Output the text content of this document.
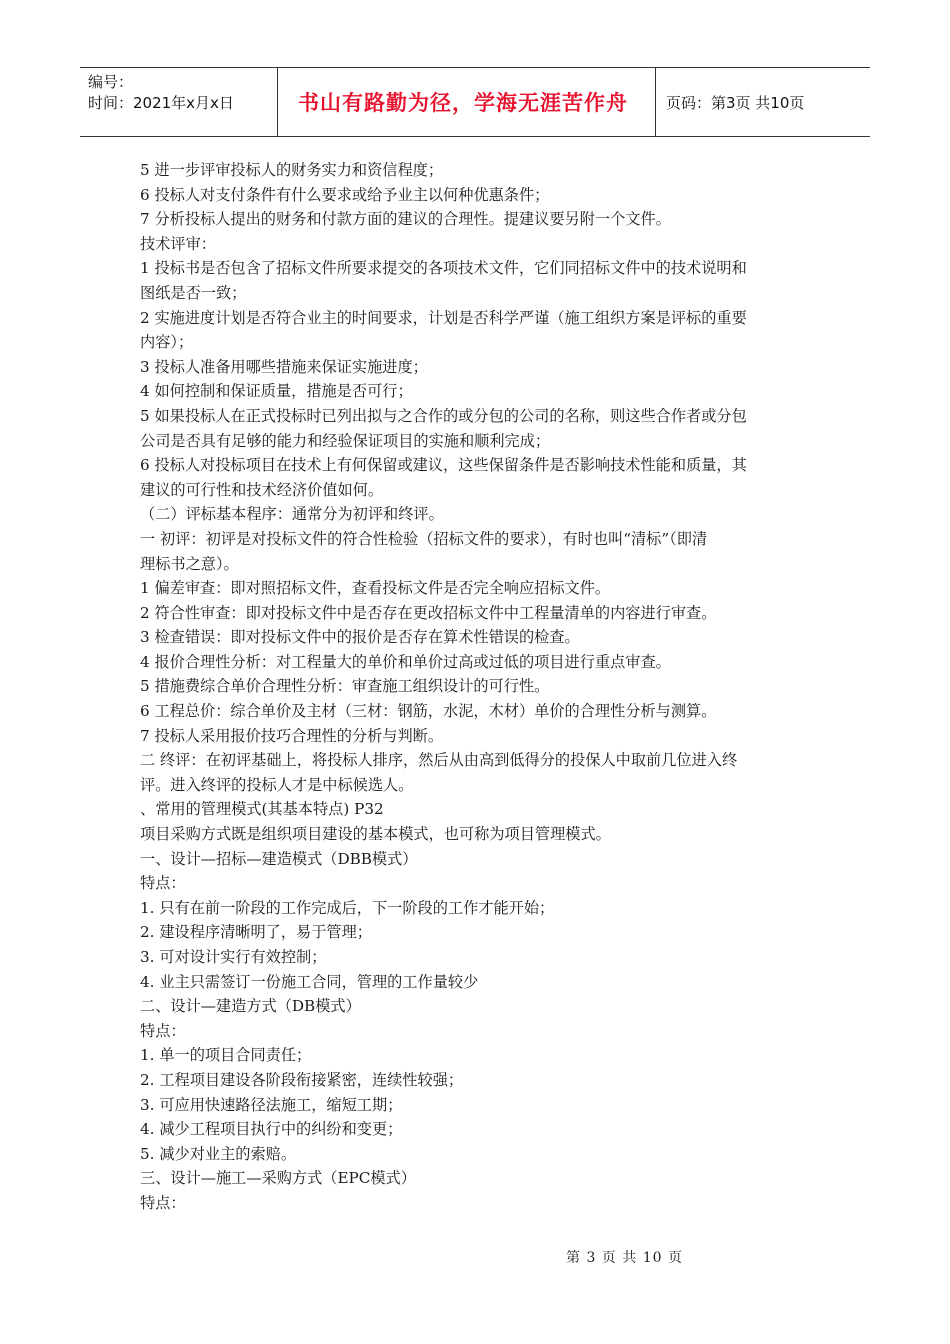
编号：
时间：2021年x月x日	书山有路勤为径，学海无涯苦作舟	页码：第3页 共10页
5 进一步评审投标人的财务实力和资信程度；
6 投标人对支付条件有什么要求或给予业主以何种优惠条件；
7 分析投标人提出的财务和付款方面的建议的合理性。提建议要另附一个文件。
技术评审：
1 投标书是否包含了招标文件所要求提交的各项技术文件，它们同招标文件中的技术说明和
图纸是否一致；
2 实施进度计划是否符合业主的时间要求，计划是否科学严谨（施工组织方案是评标的重要
内容）；
3 投标人准备用哪些措施来保证实施进度；
4 如何控制和保证质量，措施是否可行；
5 如果投标人在正式投标时已列出拟与之合作的或分包的公司的名称，则这些合作者或分包
公司是否具有足够的能力和经验保证项目的实施和顺利完成；
6 投标人对投标项目在技术上有何保留或建议，这些保留条件是否影响技术性能和质量，其
建议的可行性和技术经济价值如何。
（二）评标基本程序：通常分为初评和终评。
一 初评：初评是对投标文件的符合性检验（招标文件的要求），有时也叫“清标”（即清
理标书之意）。
1 偏差审查：即对照招标文件，查看投标文件是否完全响应招标文件。
2 符合性审查：即对投标文件中是否存在更改招标文件中工程量清单的内容进行审查。
3 检查错误：即对投标文件中的报价是否存在算术性错误的检查。
4 报价合理性分析：对工程量大的单价和单价过高或过低的项目进行重点审查。
5 措施费综合单价合理性分析：审查施工组织设计的可行性。
6 工程总价：综合单价及主材（三材：钢筋，水泥，木材）单价的合理性分析与测算。
7 投标人采用报价技巧合理性的分析与判断。
二 终评：在初评基础上，将投标人排序，然后从由高到低得分的投保人中取前几位进入终
评。进入终评的投标人才是中标候选人。
、常用的管理模式(其基本特点) P32
项目采购方式既是组织项目建设的基本模式，也可称为项目管理模式。
一、设计—招标—建造模式（DBB模式）
特点：
1. 只有在前一阶段的工作完成后，下一阶段的工作才能开始；
2. 建设程序清晰明了，易于管理；
3. 可对设计实行有效控制；
4. 业主只需签订一份施工合同，管理的工作量较少
二、设计—建造方式（DB模式）
特点：
1. 单一的项目合同责任；
2. 工程项目建设各阶段衔接紧密，连续性较强；
3. 可应用快速路径法施工，缩短工期；
4. 减少工程项目执行中的纠纷和变更；
5. 减少对业主的索赔。
三、设计—施工—采购方式（EPC模式）
特点：
第 3 页 共 10 页
